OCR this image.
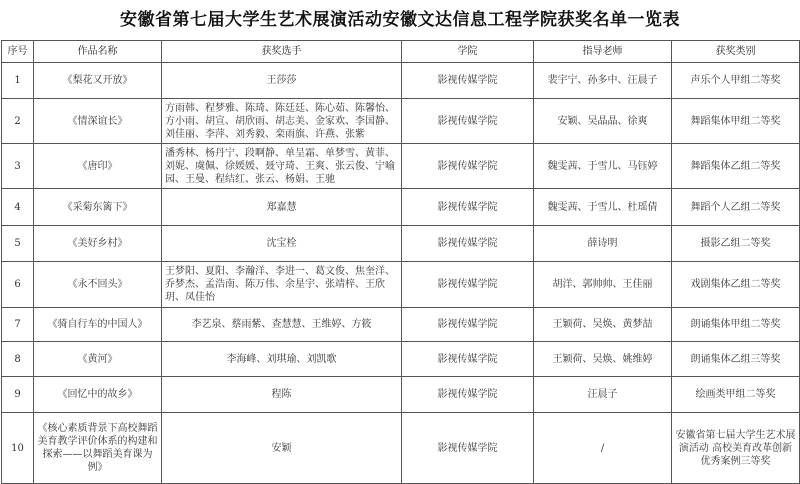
安徽省第七届大学生艺术展演活动安徽文达信息工程学院获奖名单一览表
序号	作品名称	获奖选手	学院	指导老师	获奖类别
1	《梨花又开放》	王莎莎	影视传媒学院	裴宇宁、孙多中、汪晨子	声乐个人甲组二等奖
2	《情深谊长》	方雨韩、程梦雅、陈琦、陈廷廷、陈心茹、陈馨怡、方小雨、胡宣、胡欣雨、胡志美、金家欢、李国静、刘佳丽、李萍、刘秀毅、栾雨旗、许燕、张紫	影视传媒学院	安颖、吴晶晶、徐爽	舞蹈集体甲组二等奖
3	《唐印》	潘秀林、杨丹宁、段啊静、单呈霜、单梦雪、黄菲、刘妮、虞佩、徐媛媛、聂守琦、王爽、张云俊、宁喻园、王曼、程结红、张云、杨娟、王驰	影视传媒学院	魏雯茜、于雪儿、马钰婷	舞蹈集体乙组二等奖
4	《采菊东篱下》	郑嘉慧	影视传媒学院	魏雯茜、于雪儿、杜瑶倩	舞蹈个人乙组二等奖
5	《美好乡村》	沈宝栓	影视传媒学院	薛诗明	摄影乙组二等奖
6	《永不回头》	王梦阳、夏阳、李瀚洋、李进一、葛文俊、焦奎洋、乔梦杰、孟浩南、陈万伟、余星宇、张靖梓、王欣玥、凤佳怡	影视传媒学院	胡洋、郭帅帅、王佳丽	戏剧集体乙组二等奖
7	《骑自行车的中国人》	李艺泉、蔡雨紫、查慧慧、王维婷、方筱	影视传媒学院	王颖荷、吴焕、黄梦喆	朗诵集体甲组二等奖
8	《黄河》	李海峰、刘琪瑜、刘凯歌	影视传媒学院	王颖荷、吴焕、姚维婷	朗诵集体乙组三等奖
9	《回忆中的故乡》	程陈	影视传媒学院	汪晨子	绘画类甲组二等奖
10	《核心素质背景下高校舞蹈美育教学评价体系的构建和探索——以舞蹈美育课为例》	安颖	影视传媒学院	/	安徽省第七届大学生艺术展演活动 高校美育改革创新优秀案例三等奖
